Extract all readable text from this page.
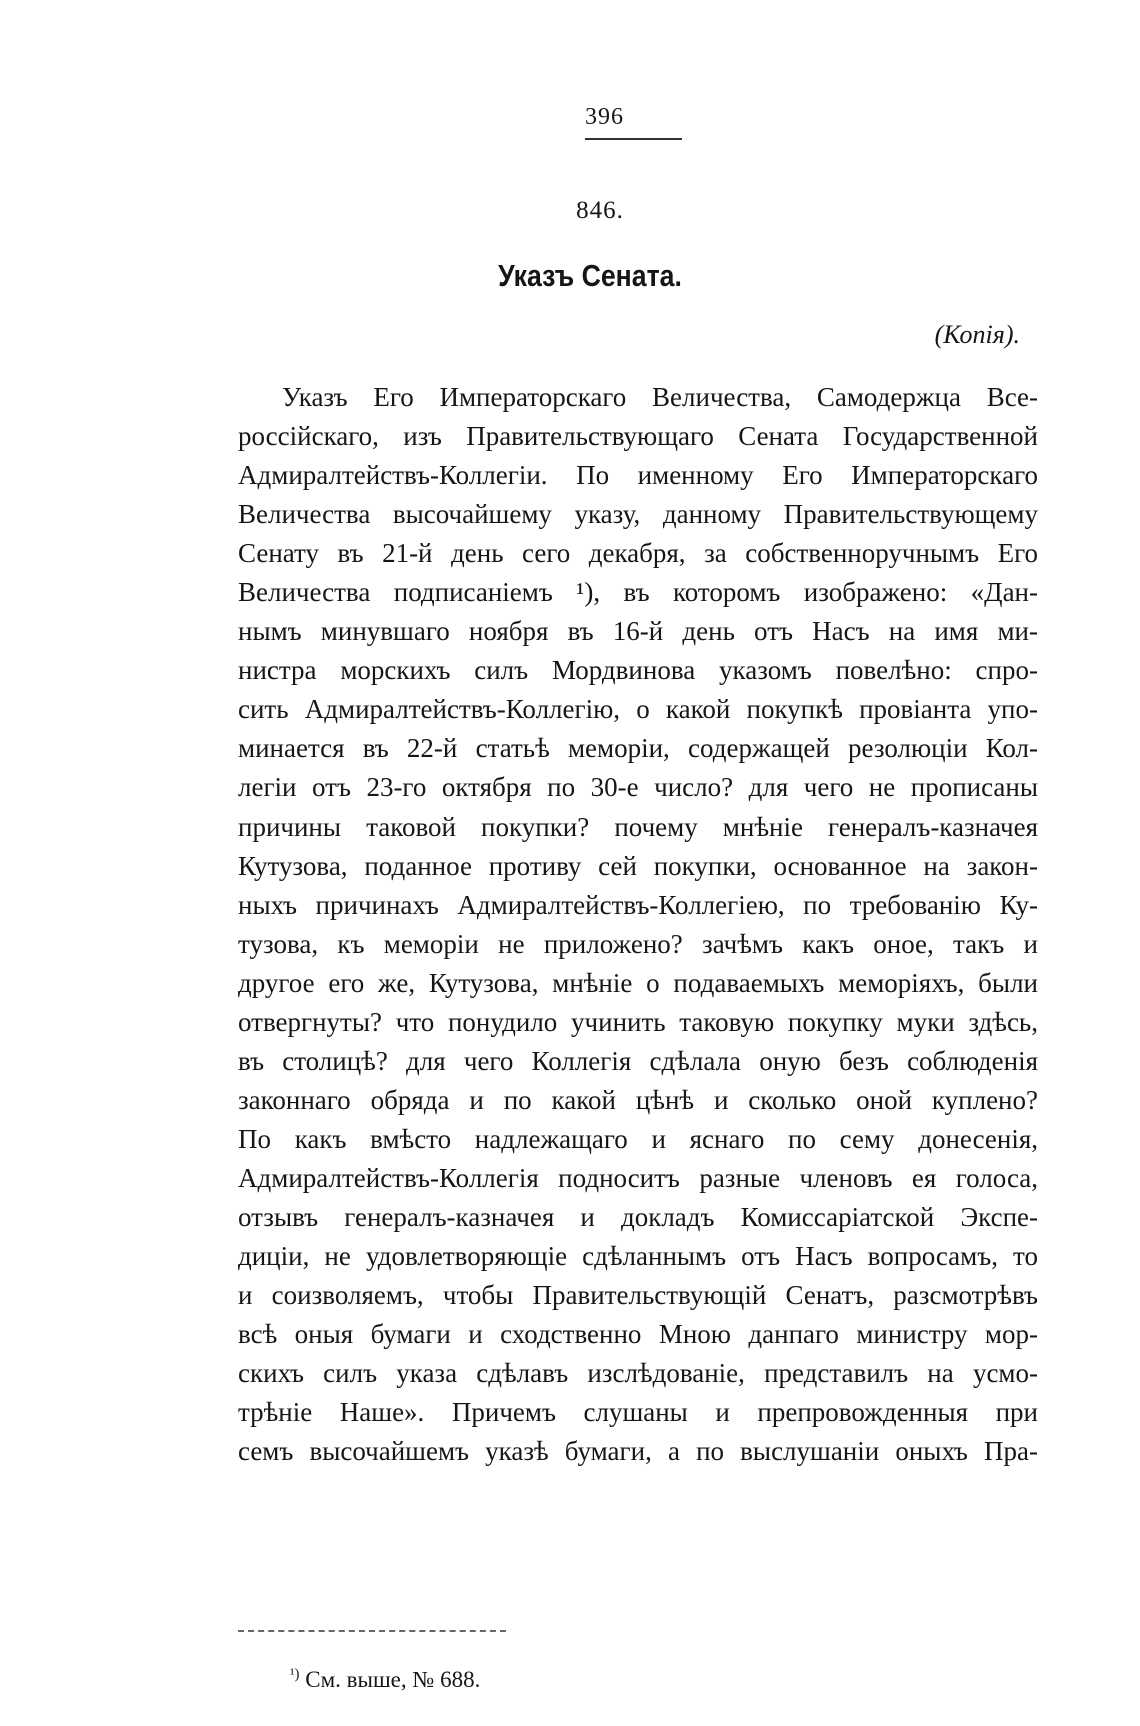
396
846.
Указъ Сената.
(Копія).
Указъ Его Императорскаго Величества, Самодержца Все-
россійскаго, изъ Правительствующаго Сената Государственной
Адмиралтействъ-Коллегіи. По именному Его Императорскаго
Величества высочайшему указу, данному Правительствующему
Сенату въ 21-й день сего декабря, за собственноручнымъ Его
Величества подписаніемъ ¹), въ которомъ изображено: «Дан-
нымъ минувшаго ноября въ 16-й день отъ Насъ на имя ми-
нистра морскихъ силъ Мордвинова указомъ повелѣно: спро-
сить Адмиралтействъ-Коллегію, о какой покупкѣ провіанта упо-
минается въ 22-й статьѣ меморіи, содержащей резолюціи Кол-
легіи отъ 23-го октября по 30-е число? для чего не прописаны
причины таковой покупки? почему мнѣніе генералъ-казначея
Кутузова, поданное противу сей покупки, основанное на закон-
ныхъ причинахъ Адмиралтействъ-Коллегіею, по требованію Ку-
тузова, къ меморіи не приложено? зачѣмъ какъ оное, такъ и
другое его же, Кутузова, мнѣніе о подаваемыхъ меморіяхъ, были
отвергнуты? что понудило учинить таковую покупку муки здѣсь,
въ столицѣ? для чего Коллегія сдѣлала оную безъ соблюденія
законнаго обряда и по какой цѣнѣ и сколько оной куплено?
По какъ вмѣсто надлежащаго и яснаго по сему донесенія,
Адмиралтействъ-Коллегія подноситъ разные членовъ ея голоса,
отзывъ генералъ-казначея и докладъ Комиссаріатской Экспе-
диціи, не удовлетворяющіе сдѣланнымъ отъ Насъ вопросамъ, то
и соизволяемъ, чтобы Правительствующій Сенатъ, разсмотрѣвъ
всѣ оныя бумаги и сходственно Мною данпаго министру мор-
скихъ силъ указа сдѣлавъ изслѣдованіе, представилъ на усмо-
трѣніе Наше». Причемъ слушаны и препровожденныя при
семъ высочайшемъ указѣ бумаги, а по выслушаніи оныхъ Пра-
$^{^1)}$ См. выше, № 688.
